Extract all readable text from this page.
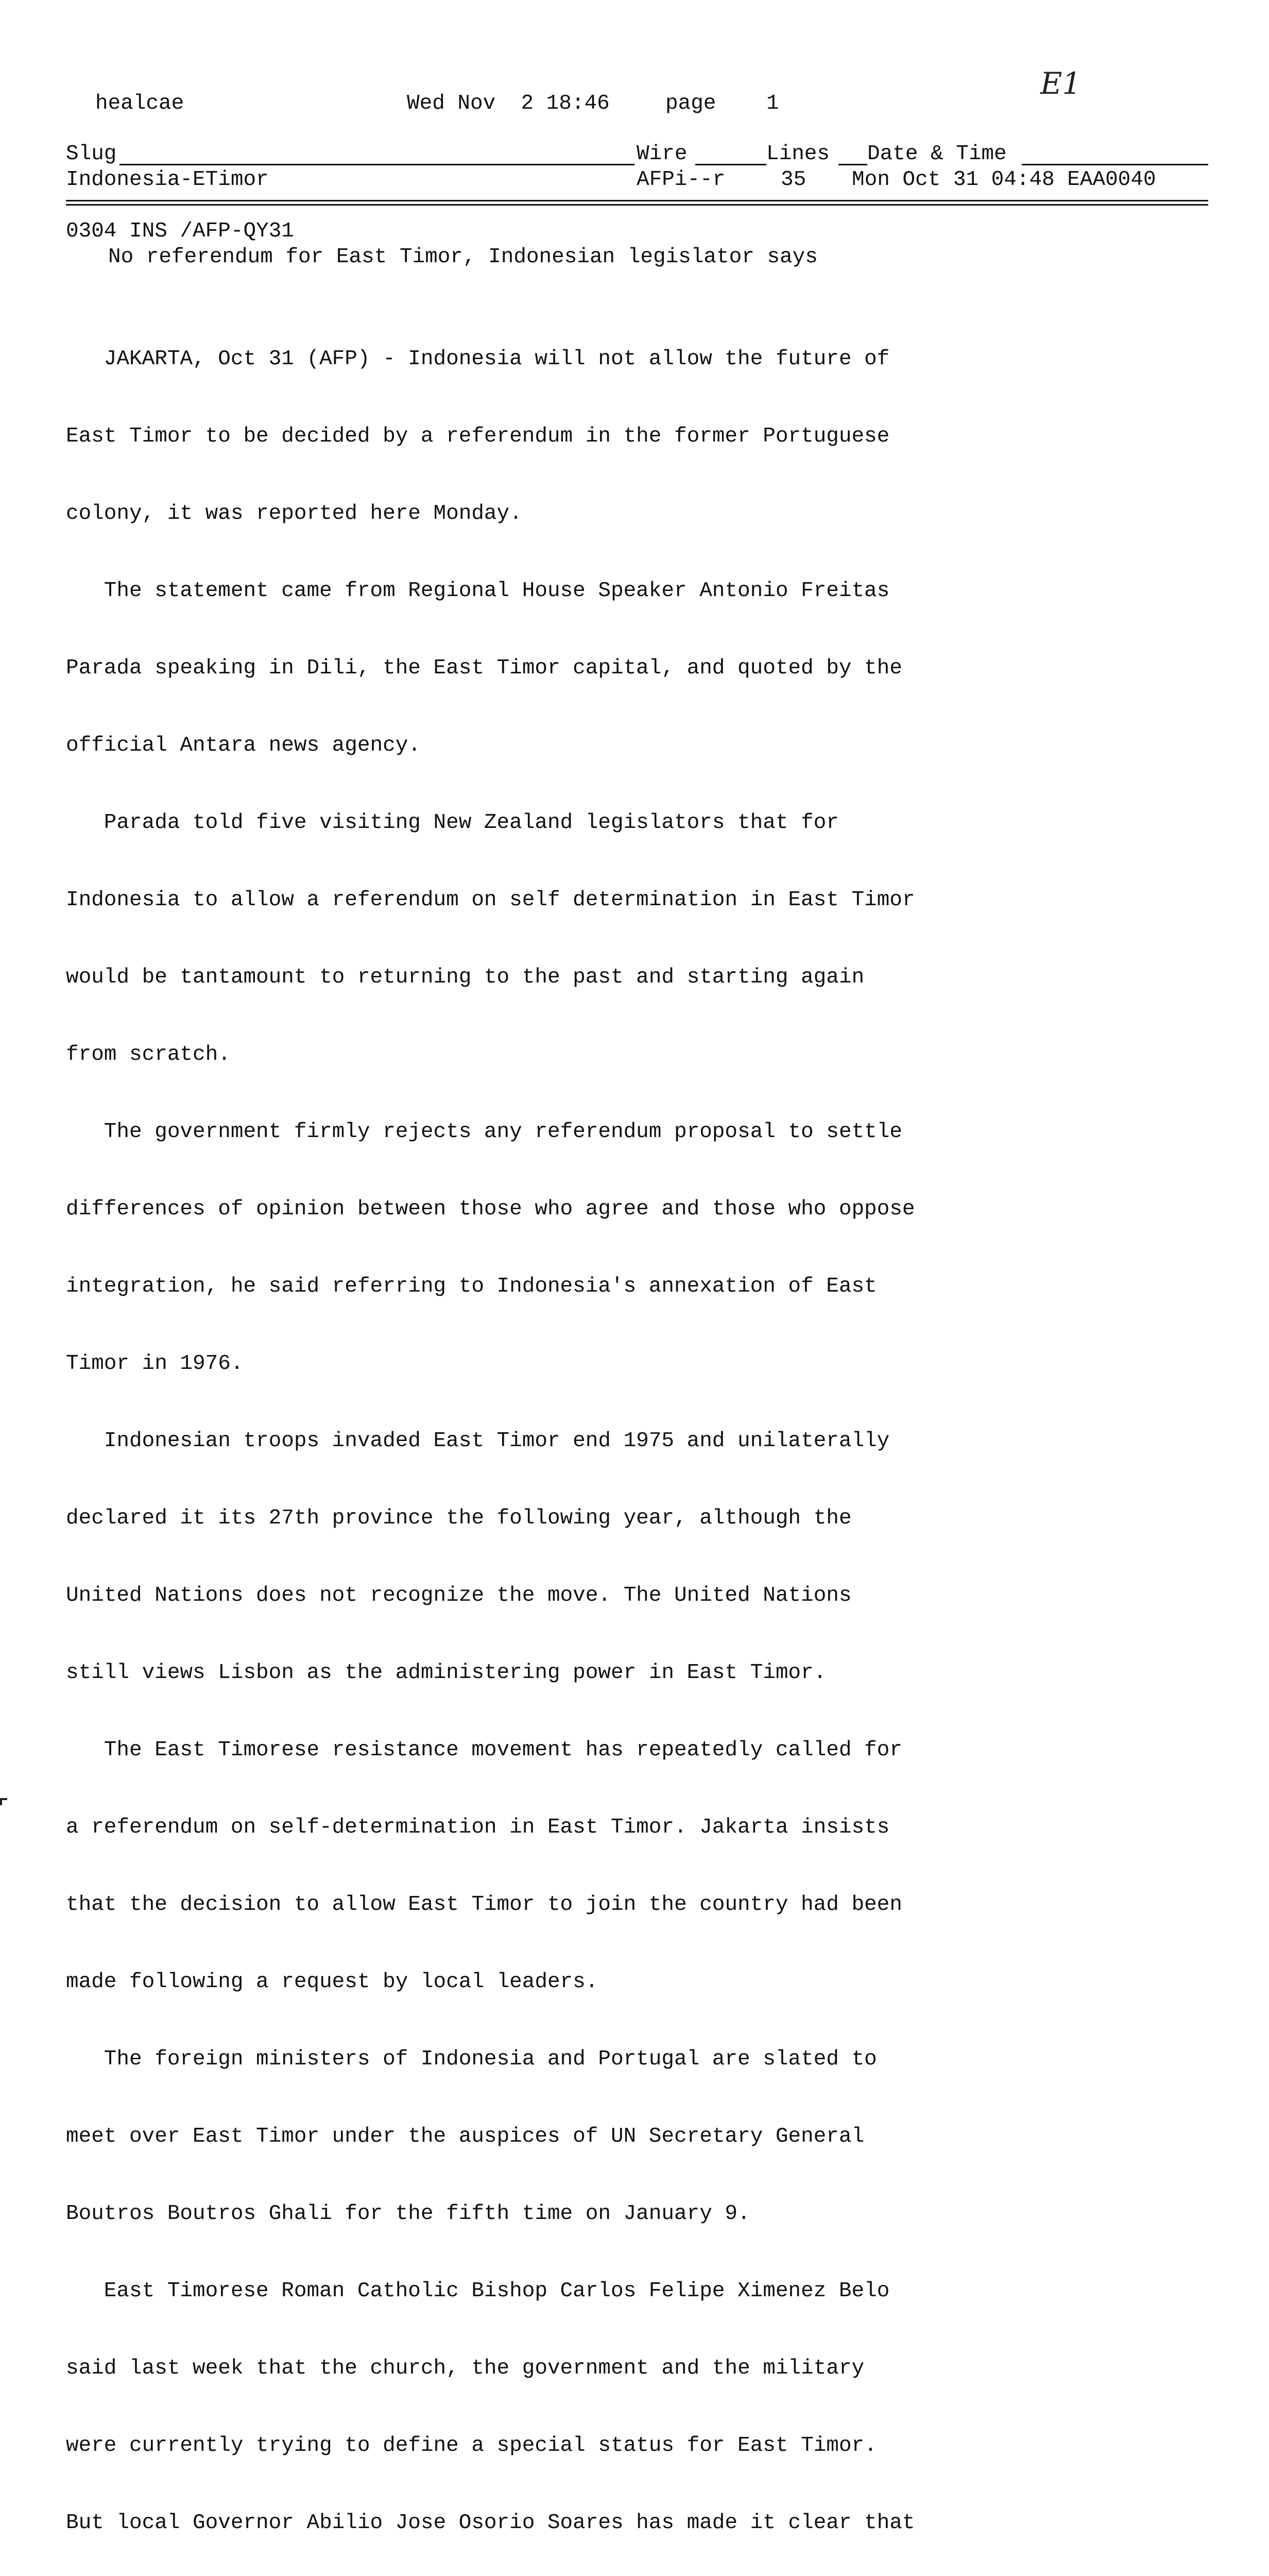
healcae	Wed Nov  2 18:46	page 1
E1
Slug	Wire	Lines Date & Time
Indonesia-ETimor	AFPi--r	35 Mon Oct 31 04:48 EAA0040
0304 INS /AFP-QY31
No referendum for East Timor, Indonesian legislator says

JAKARTA, Oct 31 (AFP) - Indonesia will not allow the future of

East Timor to be decided by a referendum in the former Portuguese

colony, it was reported here Monday.

The statement came from Regional House Speaker Antonio Freitas

Parada speaking in Dili, the East Timor capital, and quoted by the

official Antara news agency.

Parada told five visiting New Zealand legislators that for

Indonesia to allow a referendum on self determination in East Timor

would be tantamount to returning to the past and starting again

from scratch.

The government firmly rejects any referendum proposal to settle

differences of opinion between those who agree and those who oppose

integration, he said referring to Indonesia's annexation of East

Timor in 1976.

Indonesian troops invaded East Timor end 1975 and unilaterally

declared it its 27th province the following year, although the

United Nations does not recognize the move. The United Nations

still views Lisbon as the administering power in East Timor.

The East Timorese resistance movement has repeatedly called for

a referendum on self-determination in East Timor. Jakarta insists

that the decision to allow East Timor to join the country had been

made following a request by local leaders.

The foreign ministers of Indonesia and Portugal are slated to

meet over East Timor under the auspices of UN Secretary General

Boutros Boutros Ghali for the fifth time on January 9.

East Timorese Roman Catholic Bishop Carlos Felipe Ximenez Belo

said last week that the church, the government and the military

were currently trying to define a special status for East Timor.

But local Governor Abilio Jose Osorio Soares has made it clear that
